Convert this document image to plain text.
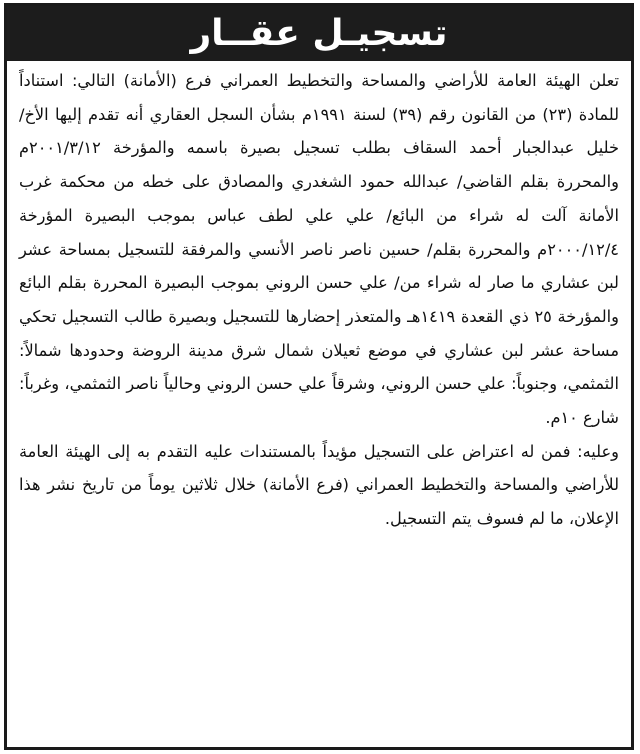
تسجيـل عقــار

تعلن الهيئة العامة للأراضي والمساحة والتخطيط العمراني فرع (الأمانة) التالي: استناداً للمادة (٢٣) من القانون رقم (٣٩) لسنة ١٩٩١م بشأن السجل العقاري أنه تقدم إليها الأخ/ خليل عبدالجبار أحمد السقاف بطلب تسجيل بصيرة باسمه والمؤرخة ٢٠٠١/٣/١٢م والمحررة بقلم القاضي/ عبدالله حمود الشغدري والمصادق على خطه من محكمة غرب الأمانة آلت له شراء من البائع/ علي علي لطف عباس بموجب البصيرة المؤرخة ٢٠٠٠/١٢/٤م والمحررة بقلم/ حسين ناصر ناصر الأنسي والمرفقة للتسجيل بمساحة عشر لبن عشاري ما صار له شراء من/ علي حسن الروني بموجب البصيرة المحررة بقلم البائع والمؤرخة ٢٥ ذي القعدة ١٤١٩هـ والمتعذر إحضارها للتسجيل وبصيرة طالب التسجيل تحكي مساحة عشر لبن عشاري في موضع ثعيلان شمال شرق مدينة الروضة وحدودها شمالاً: الثمثمي، وجنوباً: علي حسن الروني، وشرقاً علي حسن الروني وحالياً ناصر الثمثمي، وغرباً: شارع ١٠م.

وعليه: فمن له اعتراض على التسجيل مؤيداً بالمستندات عليه التقدم به إلى الهيئة العامة للأراضي والمساحة والتخطيط العمراني (فرع الأمانة) خلال ثلاثين يوماً من تاريخ نشر هذا الإعلان، ما لم فسوف يتم التسجيل.
